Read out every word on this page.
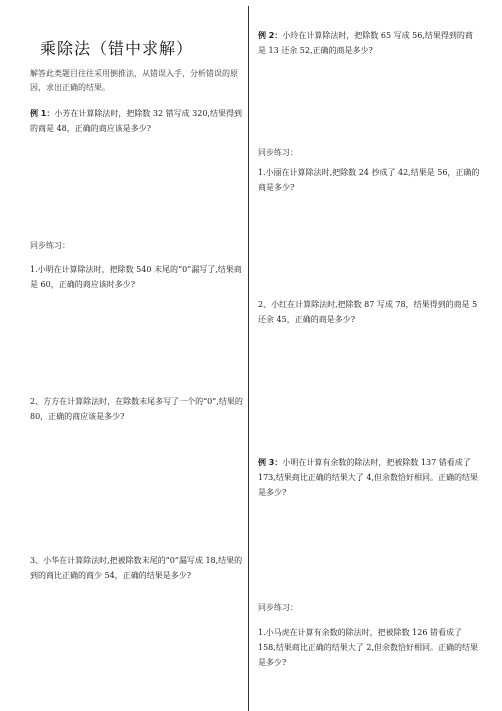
乘除法（错中求解）
解答此类题目往往采用倒推法，从错误入手，分析错误的原因，求出正确的结果。
例 1：小芳在计算除法时，把除数 32 错写成 320,结果得到的商是 48，正确的商应该是多少?
同步练习：
1.小明在计算除法时，把除数 540 末尾的“0”漏写了,结果商是 60，正确的商应该时多少?
2、方方在计算除法时，在除数末尾多写了一个的“0”,结果的 80，正确的商应该是多少?
3、小华在计算除法时,把被除数末尾的“0”漏写成 18,结果的到的商比正确的商少 54，正确的结果是多少?
例 2：小玲在计算除法时，把除数 65 写成 56,结果得到的商是 13 还余 52,正确的商是多少?
同步练习：
1.小丽在计算除法时,把除数 24 抄成了 42,结果是 56，正确的商是多少?
2、小红在计算除法时,把除数 87 写成 78，结果得到的商是 5 还余 45，正确的商是多少?
例 3：小明在计算有余数的除法时，把被除数 137 错看成了 173,结果商比正确的结果大了 4,但余数恰好相同。正确的结果是多少?
同步练习：
1.小马虎在计算有余数的除法时，把被除数 126 错看成了 158,结果商比正确的结果大了 2,但余数恰好相同。正确的结果是多少?
